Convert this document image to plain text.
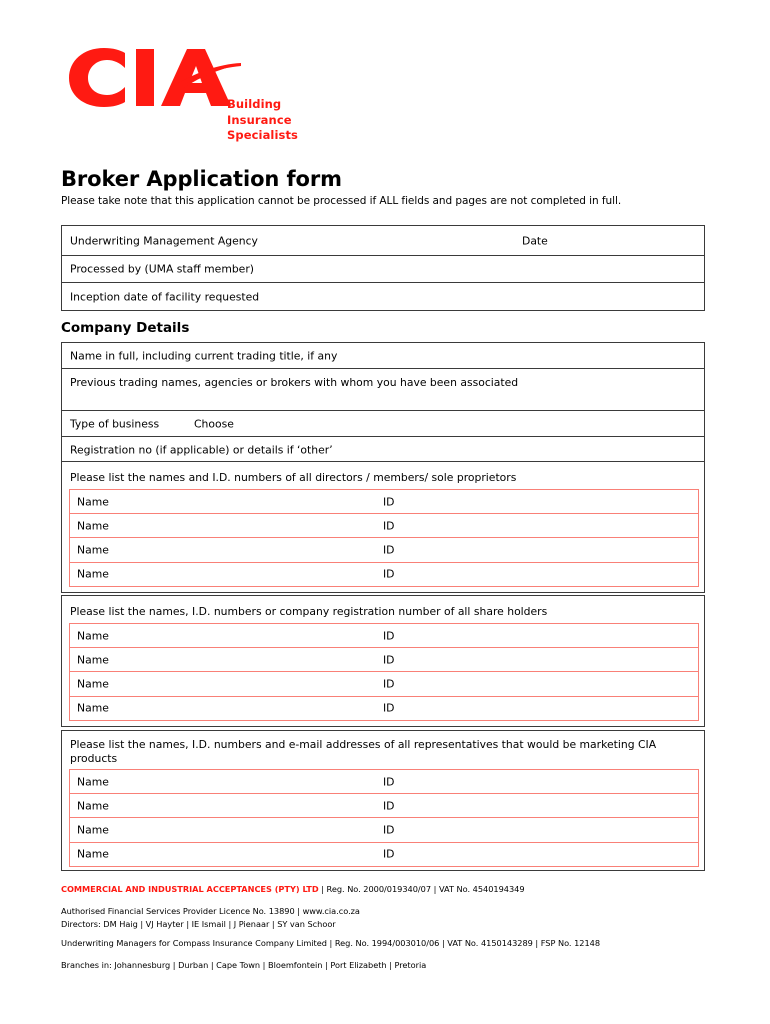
Building
Insurance
Specialists
Broker Application form
Please take note that this application cannot be processed if ALL fields and pages are not completed in full.
Underwriting Management Agency	Date
Processed by (UMA staff member)
Inception date of facility requested
Company Details
Name in full, including current trading title, if any
Previous trading names, agencies or brokers with whom you have been associated
Type of business	Choose
Registration no (if applicable) or details if ‘other’
Please list the names and I.D. numbers of all directors / members/ sole proprietors
Name	ID
Name	ID
Name	ID
Name	ID
Please list the names, I.D. numbers or company registration number of all share holders
Name	ID
Name	ID
Name	ID
Name	ID
Please list the names, I.D. numbers and e-mail addresses of all representatives that would be marketing CIA products
Name	ID
Name	ID
Name	ID
Name	ID
COMMERCIAL AND INDUSTRIAL ACCEPTANCES (PTY) LTD | Reg. No. 2000/019340/07 | VAT No. 4540194349
Authorised Financial Services Provider Licence No. 13890 | www.cia.co.za
Directors: DM Haig | VJ Hayter | IE Ismail | J Pienaar | SY van Schoor
Underwriting Managers for Compass Insurance Company Limited | Reg. No. 1994/003010/06 | VAT No. 4150143289 | FSP No. 12148
Branches in: Johannesburg | Durban | Cape Town | Bloemfontein | Port Elizabeth | Pretoria
